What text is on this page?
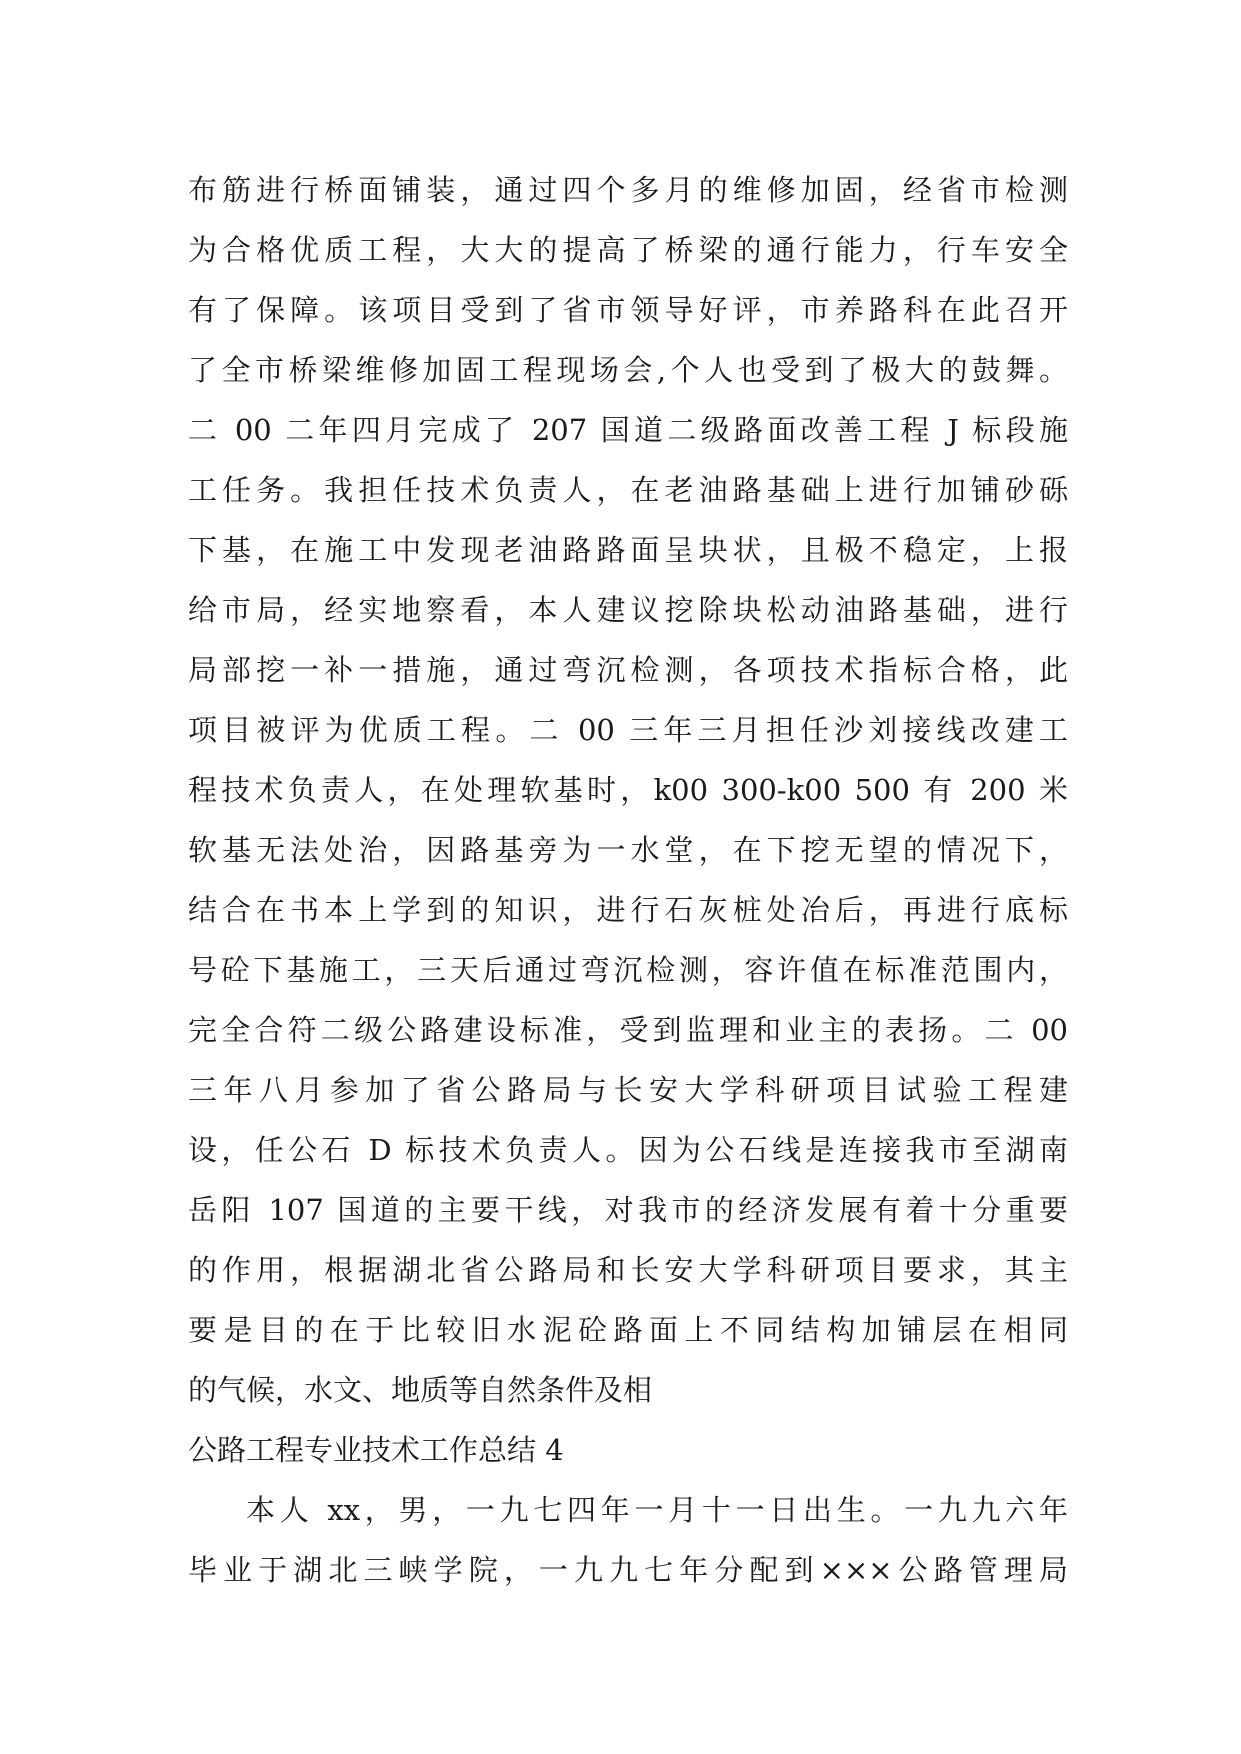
布筋进行桥面铺装，通过四个多月的维修加固，经省市检测
为合格优质工程，大大的提高了桥梁的通行能力，行车安全
有了保障。该项目受到了省市领导好评，市养路科在此召开
了全市桥梁维修加固工程现场会,个人也受到了极大的鼓舞。
二 00 二年四月完成了 207 国道二级路面改善工程 J 标段施
工任务。我担任技术负责人，在老油路基础上进行加铺砂砾
下基，在施工中发现老油路路面呈块状，且极不稳定，上报
给市局，经实地察看，本人建议挖除块松动油路基础，进行
局部挖一补一措施，通过弯沉检测，各项技术指标合格，此
项目被评为优质工程。二 00 三年三月担任沙刘接线改建工
程技术负责人，在处理软基时，k00 300-k00 500 有 200 米
软基无法处治，因路基旁为一水堂，在下挖无望的情况下，
结合在书本上学到的知识，进行石灰桩处冶后，再进行底标
号砼下基施工，三天后通过弯沉检测，容许值在标准范围内，
完全合符二级公路建设标准，受到监理和业主的表扬。二 00
三年八月参加了省公路局与长安大学科研项目试验工程建
设，任公石 D 标技术负责人。因为公石线是连接我市至湖南
岳阳 107 国道的主要干线，对我市的经济发展有着十分重要
的作用，根据湖北省公路局和长安大学科研项目要求，其主
要是目的在于比较旧水泥砼路面上不同结构加铺层在相同
的气候，水文、地质等自然条件及相
公路工程专业技术工作总结 4
本人 xx，男，一九七四年一月十一日出生。一九九六年
毕业于湖北三峡学院，一九九七年分配到×××公路管理局
